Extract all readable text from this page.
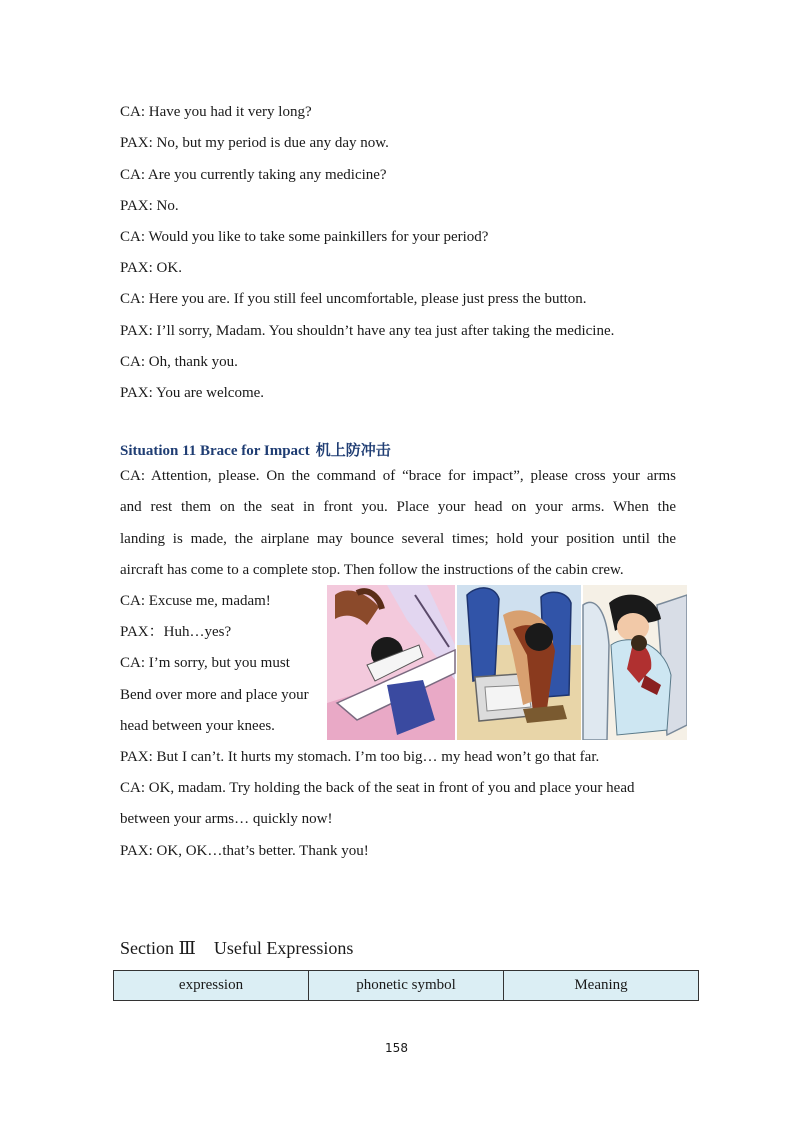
CA: Have you had it very long?
PAX: No, but my period is due any day now.
CA: Are you currently taking any medicine?
PAX: No.
CA: Would you like to take some painkillers for your period?
PAX: OK.
CA: Here you are. If you still feel uncomfortable, please just press the button.
PAX: I’ll sorry, Madam. You shouldn’t have any tea just after taking the medicine.
CA: Oh, thank you.
PAX: You are welcome.
Situation 11 Brace for Impact 机上防冲击
CA: Attention, please. On the command of “brace for impact”, please cross your arms
and rest them on the seat in front you. Place your head on your arms. When the
landing is made, the airplane may bounce several times; hold your position until the
aircraft has come to a complete stop. Then follow the instructions of the cabin crew.
CA: Excuse me, madam!
PAX：Huh…yes?
CA: I’m sorry, but you must
Bend over more and place your
head between your knees.
PAX: But I can’t. It hurts my stomach. I’m too big… my head won’t go that far.
CA: OK, madam. Try holding the back of the seat in front of you and place your head
between your arms… quickly now!
PAX: OK, OK…that’s better. Thank you!
Section Ⅲ Useful Expressions
expression	phonetic symbol	Meaning
158
